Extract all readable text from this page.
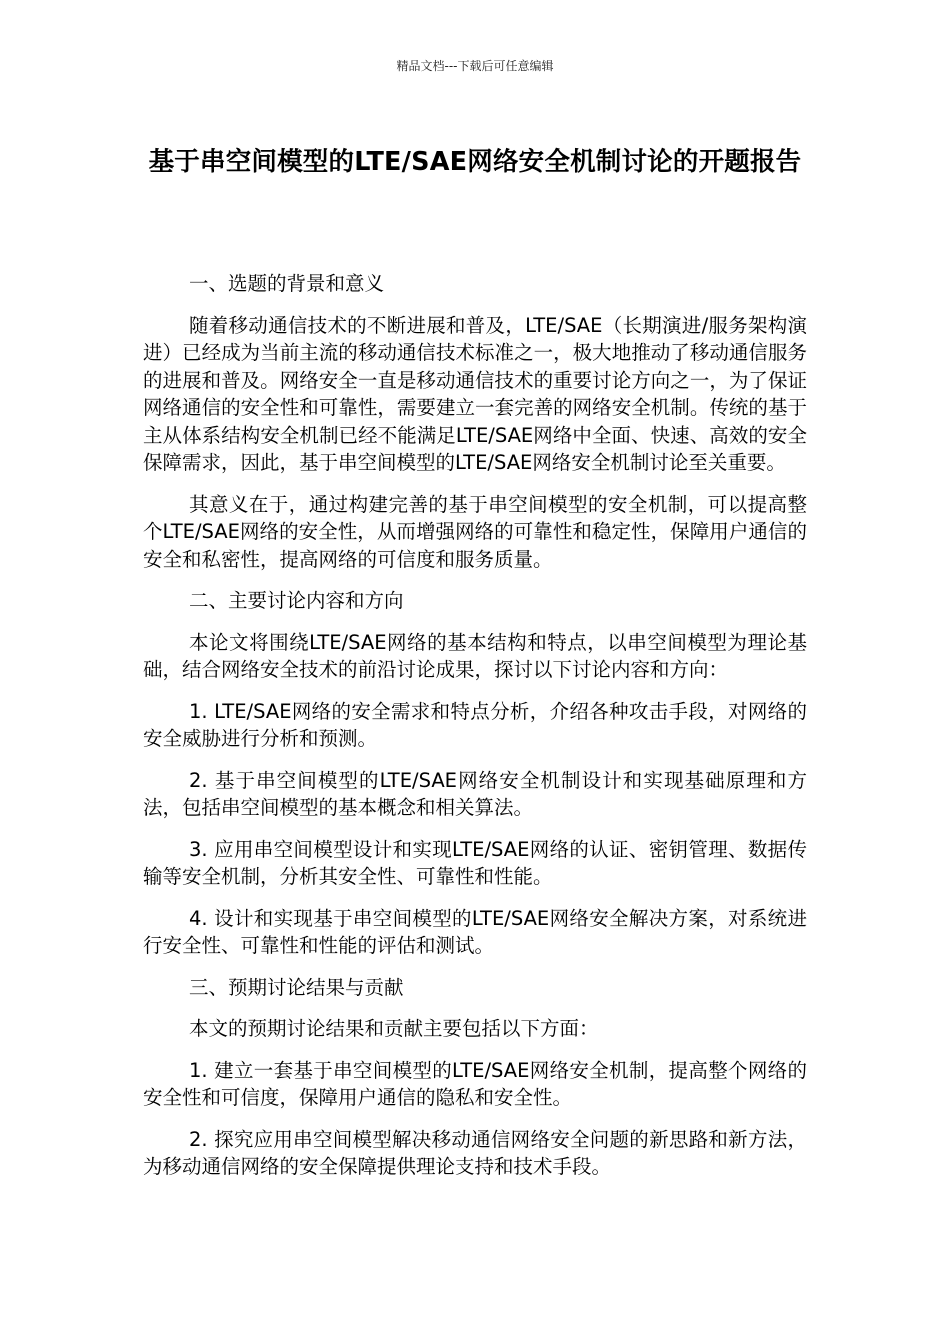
精品文档---下载后可任意编辑
基于串空间模型的LTE/SAE网络安全机制讨论的开题报告

一、选题的背景和意义

随着移动通信技术的不断进展和普及，LTE/SAE（长期演进/服务架构演进）已经成为当前主流的移动通信技术标准之一，极大地推动了移动通信服务的进展和普及。网络安全一直是移动通信技术的重要讨论方向之一，为了保证网络通信的安全性和可靠性，需要建立一套完善的网络安全机制。传统的基于主从体系结构安全机制已经不能满足LTE/SAE网络中全面、快速、高效的安全保障需求，因此，基于串空间模型的LTE/SAE网络安全机制讨论至关重要。

其意义在于，通过构建完善的基于串空间模型的安全机制，可以提高整个LTE/SAE网络的安全性，从而增强网络的可靠性和稳定性，保障用户通信的安全和私密性，提高网络的可信度和服务质量。

二、主要讨论内容和方向

本论文将围绕LTE/SAE网络的基本结构和特点，以串空间模型为理论基础，结合网络安全技术的前沿讨论成果，探讨以下讨论内容和方向：

1. LTE/SAE网络的安全需求和特点分析，介绍各种攻击手段，对网络的安全威胁进行分析和预测。

2. 基于串空间模型的LTE/SAE网络安全机制设计和实现基础原理和方法，包括串空间模型的基本概念和相关算法。

3. 应用串空间模型设计和实现LTE/SAE网络的认证、密钥管理、数据传输等安全机制，分析其安全性、可靠性和性能。

4. 设计和实现基于串空间模型的LTE/SAE网络安全解决方案，对系统进行安全性、可靠性和性能的评估和测试。

三、预期讨论结果与贡献

本文的预期讨论结果和贡献主要包括以下方面：

1. 建立一套基于串空间模型的LTE/SAE网络安全机制，提高整个网络的安全性和可信度，保障用户通信的隐私和安全性。

2. 探究应用串空间模型解决移动通信网络安全问题的新思路和新方法，为移动通信网络的安全保障提供理论支持和技术手段。
